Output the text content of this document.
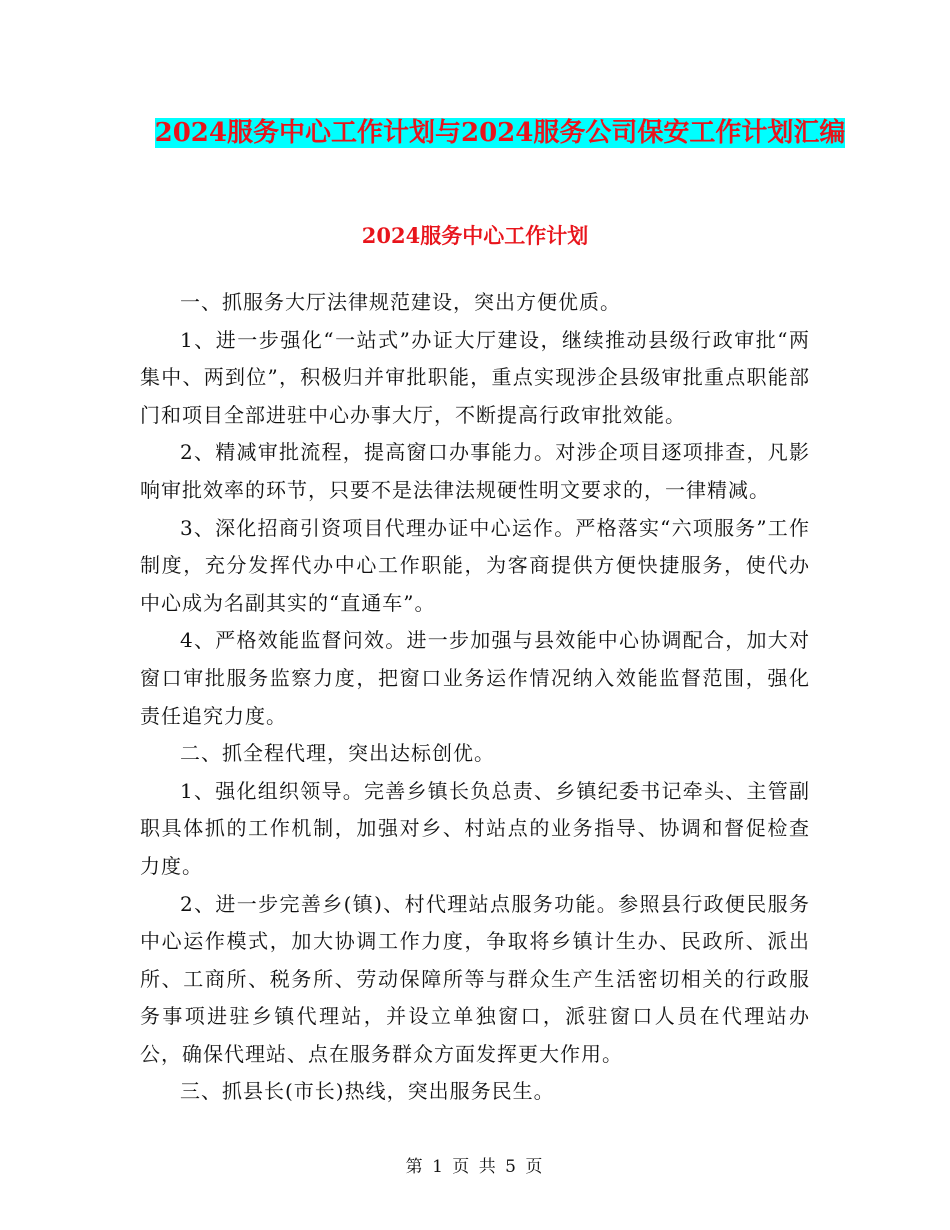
2024服务中心工作计划与2024服务公司保安工作计划汇编
2024服务中心工作计划

一、抓服务大厅法律规范建设，突出方便优质。

1、进一步强化“一站式”办证大厅建设，继续推动县级行政审批“两集中、两到位”，积极归并审批职能，重点实现涉企县级审批重点职能部门和项目全部进驻中心办事大厅，不断提高行政审批效能。

2、精减审批流程，提高窗口办事能力。对涉企项目逐项排查，凡影响审批效率的环节，只要不是法律法规硬性明文要求的，一律精减。

3、深化招商引资项目代理办证中心运作。严格落实“六项服务”工作制度，充分发挥代办中心工作职能，为客商提供方便快捷服务，使代办中心成为名副其实的“直通车”。

4、严格效能监督问效。进一步加强与县效能中心协调配合，加大对窗口审批服务监察力度，把窗口业务运作情况纳入效能监督范围，强化责任追究力度。

二、抓全程代理，突出达标创优。

1、强化组织领导。完善乡镇长负总责、乡镇纪委书记牵头、主管副职具体抓的工作机制，加强对乡、村站点的业务指导、协调和督促检查力度。

2、进一步完善乡(镇)、村代理站点服务功能。参照县行政便民服务中心运作模式，加大协调工作力度，争取将乡镇计生办、民政所、派出所、工商所、税务所、劳动保障所等与群众生产生活密切相关的行政服务事项进驻乡镇代理站，并设立单独窗口，派驻窗口人员在代理站办公，确保代理站、点在服务群众方面发挥更大作用。

三、抓县长(市长)热线，突出服务民生。

第 1 页 共 5 页
